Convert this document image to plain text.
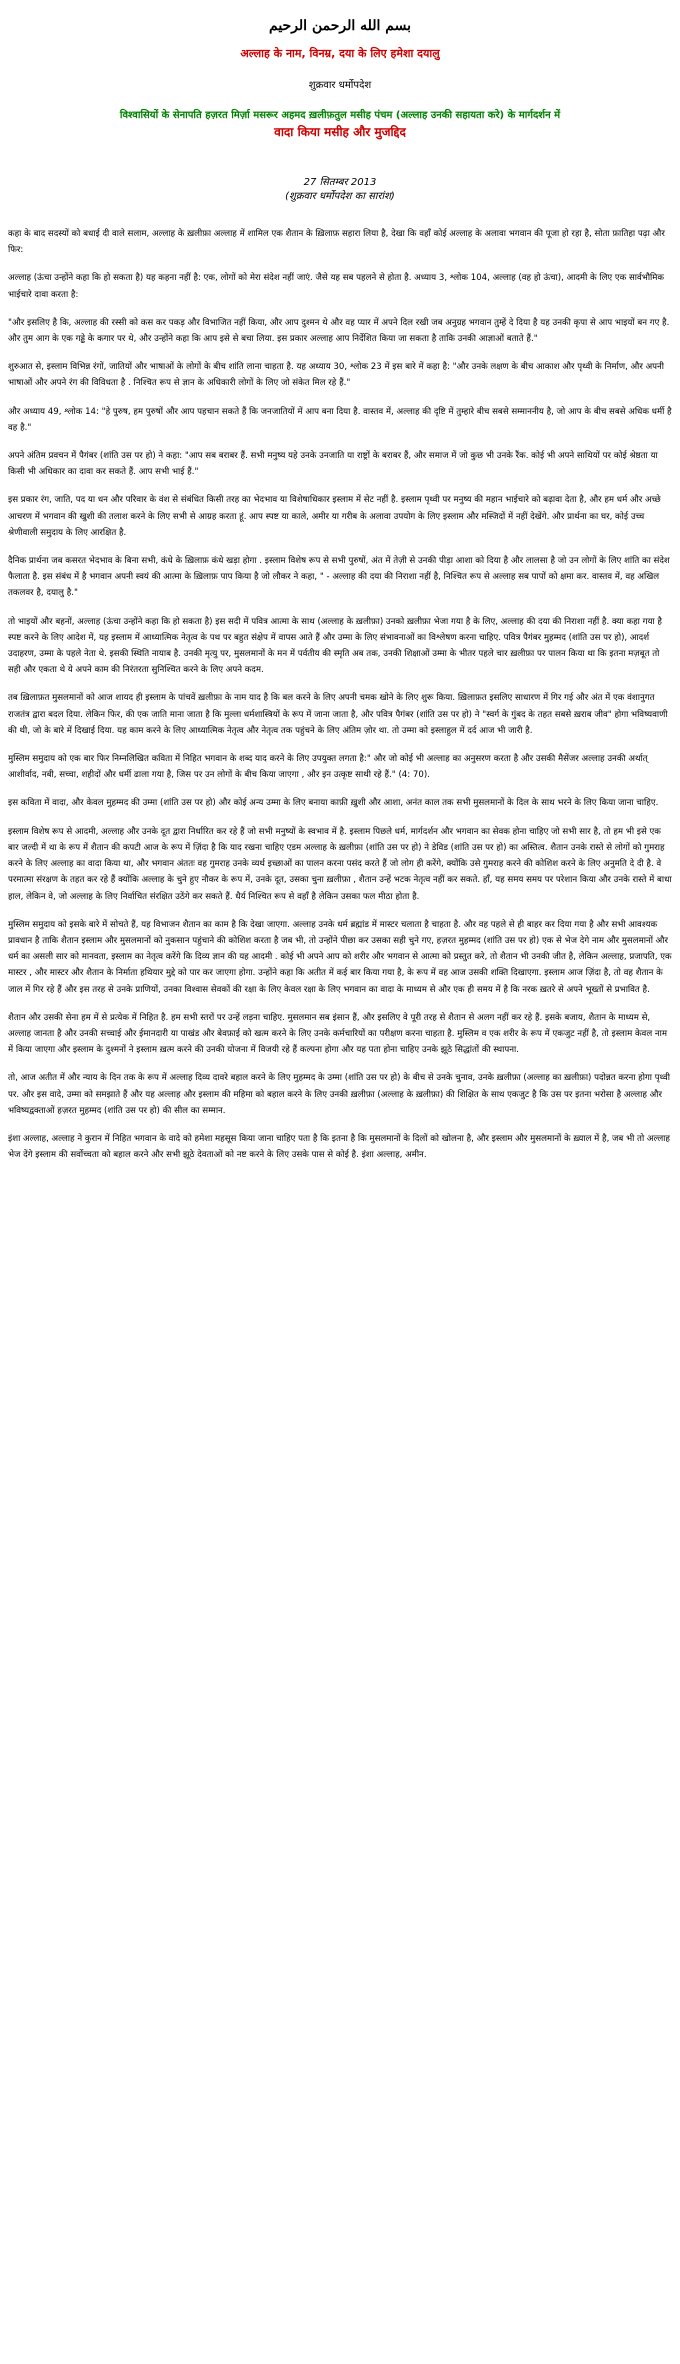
بسم الله الرحمن الرحيم
अल्लाह के नाम, विनम्र, दया के लिए हमेशा दयालु
शुक्रवार धर्मोपदेश
विश्वासियों के सेनापति हज़रत मिर्ज़ा मसरूर अहमद ख़लीफ़तुल मसीह पंचम (अल्लाह उनकी सहायता करे) के मार्गदर्शन में
वादा किया मसीह और मुजद्दिद
27 सितम्बर 2013
(शुक्रवार धर्मोपदेश का सारांश)

कहा के बाद सदस्यों को बधाई दी वाले सलाम, अल्लाह के ख़लीफ़ा अल्लाह में शामिल एक शैतान के ख़िलाफ़ सहारा लिया है, देखा कि वहाँ कोई अल्लाह के अलावा भगवान की पूजा हो रहा है, सोता फ़ातिहा पढ़ा और फिर:

अल्लाह (ऊंचा उन्होंने कहा कि हो सकता है) यह कहना नहीं है: एक, लोगों को मेरा संदेश नहीं जाएं. जैसे यह सब पहलने से होता है. अध्याय 3, श्लोक 104, अल्लाह (वह हो ऊंचा), आदमी के लिए एक सार्वभौमिक भाईचारे दावा करता है:

"और इसलिए है कि, अल्लाह की रस्सी को कस कर पकड़ और विभाजित नहीं किया, और आप दुश्मन थे और वह प्यार में अपने दिल रखी जब अनुग्रह भगवान तुम्हें दे दिया है यह उनकी कृपा से आप भाइयों बन गए है. और तुम आग के एक गड्ढे के कगार पर थे, और उन्होंने कहा कि आप इसे से बचा लिया. इस प्रकार अल्लाह आप निर्देशित किया जा सकता है ताकि उनकी आज्ञाओं बताते हैं."

शुरुआत से, इस्लाम विभिन्न रंगों, जातियों और भाषाओं के लोगों के बीच शांति लाना चाहता है. यह अध्याय 30, श्लोक 23 में इस बारे में कहा है: "और उनके लक्षण के बीच आकाश और पृथ्वी के निर्माण, और अपनी भाषाओं और अपने रंग की विविधता है . निश्चित रूप से ज्ञान के अधिकारी लोगों के लिए जो संकेत मिल रहे हैं."

और अध्याय 49, श्लोक 14: "हे पुरुष, हम पुरुषों और आप पहचान सकते हैं कि जनजातियों में आप बना दिया है. वास्तव में, अल्लाह की दृष्टि में तुम्हारे बीच सबसे सम्माननीय है, जो आप के बीच सबसे अधिक धर्मी है वह है."

अपने अंतिम प्रवचन में पैगंबर (शांति उस पर हो) ने कहा: "आप सब बराबर हैं. सभी मनुष्य यहे उनके उनजाति या राष्ट्रों के बराबर हैं, और समाज में जो कुछ भी उनके रैंक. कोई भी अपने साथियों पर कोई श्रेष्ठता या किसी भी अधिकार का दावा कर सकते हैं. आप सभी भाई हैं."

इस प्रकार रंग, जाति, पद या धन और परिवार के वंश से संबंधित किसी तरह का भेदभाव या विशेषाधिकार इस्लाम में सेट नहीं है. इस्लाम पृथ्वी पर मनुष्य की महान भाईचारे को बढ़ावा देता है, और हम धर्म और अच्छे आचरण में भगवान की खुशी की तलाश करने के लिए सभी से आग्रह करता हूं. आप स्पष्ट या काले, अमीर या गरीब के अलावा उपयोग के लिए इस्लाम और मस्जिदों में नहीं देखेंगे. और प्रार्थना का घर, कोई उच्च श्रेणीवाली समुदाय के लिए आरक्षित है.

दैनिक प्रार्थना जब कसरत भेदभाव के बिना सभी, कंधे के ख़िलाफ़ कंधे खड़ा होगा . इस्लाम विशेष रूप से सभी पुरुषों, अंत में तेज़ी से उनकी पीड़ा आशा को दिया है और लालसा है जो उन लोगों के लिए शांति का संदेश फैलाता है. इस संबंध में है भगवान अपनी स्वयं की आत्मा के ख़िलाफ़ पाप किया है जो लौकर ने कहा, " - अल्लाह की दया की निराशा नहीं है, निश्चित रूप से अल्लाह सब पापों को क्षमा कर. वास्तव में, वह अखिल तकलवर है, दयालु है."

तो भाइयों और बहनों, अल्लाह (ऊंचा उन्होंने कहा कि हो सकता है) इस सदी में पवित्र आत्मा के साथ (अल्लाह के ख़लीफ़ा) उनको ख़लीफ़ा भेजा गया है के लिए, अल्लाह की दया की निराशा नहीं है. क्या कहा गया है स्पष्ट करने के लिए आदेश में, यह इस्लाम में आध्यात्मिक नेतृत्व के पथ पर बहुत संक्षेप में वापस आते हैं और उम्मा के लिए संभावनाओं का विश्लेषण करना चाहिए. पवित्र पैगंबर मुहम्मद (शांति उस पर हो), आदर्श उदाहरण, उम्मा के पहले नेता थे. इसकी स्थिति नायाब है. उनकी मृत्यु पर, मुसलमानों के मन में पर्वतीय की स्मृति अब तक, उनकी शिक्षाओं उम्मा के भीतर पहले चार ख़लीफ़ा पर पालन किया था कि इतना मज़बूत तो सही और एकता थे ये अपने काम की निरंतरता सुनिश्चित करने के लिए अपने कदम.

तब ख़िलाफ़त मुसलमानों को आज शायद ही इस्लाम के पांचवें ख़लीफ़ा के नाम याद है कि बल करने के लिए अपनी चमक खोने के लिए शुरू किया. ख़िलाफ़त इसलिए साधारण में गिर गई और अंत में एक वंशानुगत राजतंत्र द्वारा बदल दिया. लेकिन फिर, की एक जाति माना जाता है कि मुल्ला धर्मशास्त्रियों के रूप में जाना जाता है, और पवित्र पैगंबर (शांति उस पर हो) ने "स्वर्ग के गुंबद के तहत सबसे ख़राब जीव" होगा भविष्यवाणी की थी, जो के बारे में दिखाई दिया. यह काम करने के लिए आध्यात्मिक नेतृत्व और नेतृत्व तक पहुंचने के लिए अंतिम ज़ोर था. तो उम्मा को इस्लाहुल में दर्द आज भी जारी है.

मुस्लिम समुदाय को एक बार फिर निम्नलिखित कविता में निहित भगवान के शब्द याद करने के लिए उपयुक्त लगता है:" और जो कोई भी अल्लाह का अनुसरण करता है और उसकी मैसेंजर अल्लाह उनकी अर्थात् आशीर्वाद, नबी, सच्चा, शहीदों और धर्मी ढाला गया है, जिस पर उन लोगों के बीच किया जाएगा , और इन उत्कृष्ट साथी रहे हैं." (4: 70).

इस कविता में वादा, और केवल मुहम्मद की उम्मा (शांति उस पर हो) और कोई अन्य उम्मा के लिए बनाया काफ़ी ख़ुशी और आशा, अनंत काल तक सभी मुसलमानों के दिल के साथ भरने के लिए किया जाना चाहिए.

इस्लाम विशेष रूप से आदमी, अल्लाह और उनके दूत द्वारा निर्धारित कर रहे हैं जो सभी मनुष्यों के स्वभाव में है. इस्लाम पिछले धर्म, मार्गदर्शन और भगवान का सेवक होना चाहिए जो सभी सार है, तो हम भी इसे एक बार जल्दी में था के रूप में शैतान की कपटी आज के रूप में ज़िंदा है कि याद रखना चाहिए एडम अल्लाह के ख़लीफ़ा (शांति उस पर हो) ने डेविड (शांति उस पर हो) का अस्तित्व. शैतान उनके रास्ते से लोगों को गुमराह करने के लिए अल्लाह का वादा किया था, और भगवान अंततः वह गुमराह उनके व्यर्थ इच्छाओं का पालन करना पसंद करते हैं जो लोग ही करेंगे, क्योंकि उसे गुमराह करने की कोशिश करने के लिए अनुमति दे दी है. वे परमात्मा संरक्षण के तहत कर रहे हैं क्योंकि अल्लाह के चुने हुए नौकर के रूप में, उनके दूत, उसका चुना ख़लीफ़ा , शैतान उन्हें भटक नेतृत्व नहीं कर सकते. हाँ, यह समय समय पर परेशान किया और उनके रास्ते में बाधा हाल, लेकिन वे, जो अल्लाह के लिए निर्वाचित संरक्षित उठेंगे कर सकते हैं. धैर्य निश्चित रूप से वहाँ है लेकिन उसका फल मीठा होता है.

मुस्लिम समुदाय को इसके बारे में सोचते हैं, यह विभाजन शैतान का काम है कि देखा जाएगा. अल्लाह उनके धर्म ब्रह्मांड में मास्टर चलाता है चाहता है. और वह पहले से ही बाहर कर दिया गया है और सभी आवश्यक प्रावधान है ताकि शैतान इस्लाम और मुसलमानों को नुकसान पहुंचाने की कोशिश करता है जब भी, तो उन्होंने पीछा कर उसका सही चुने गए, हज़रत मुहम्मद (शांति उस पर हो) एक से भेज देगे नाम और मुसलमानों और धर्म का असली सार को मानवता, इस्लाम का नेतृत्व करेंगे कि दिव्य ज्ञान की यह आदमी . कोई भी अपने आप को शरीर और भगवान से आत्मा को प्रस्तुत करे, तो शैतान भी उनकी जीत है, लेकिन अल्लाह, प्रजापति, एक मास्टर , और मास्टर और शैतान के निर्माता हथियार मुद्दे को पार कर जाएगा होगा. उन्होंने कहा कि अतीत में कई बार किया गया है, के रूप में वह आज उसकी शक्ति दिखाएगा. इस्लाम आज ज़िंदा है, तो वह शैतान के जाल में गिर रहे हैं और इस तरह से उनके प्राणियों, उनका विश्वास सेवकों की रक्षा के लिए केवल रक्षा के लिए भगवान का वादा के माध्यम से और एक ही समय में है कि नरक ख़तरे से अपने भूख्तों से प्रभावित है.

शैतान और उसकी सेना हम में से प्रत्येक में निहित है. हम सभी स्तरों पर उन्हें लड़ना चाहिए. मुसलमान सब इंसान हैं, और इसलिए वे पूरी तरह से शैतान से अलग नहीं कर रहे हैं. इसके बजाय, शैतान के माध्यम से, अल्लाह जानता है और उनकी सच्चाई और ईमानदारी या पाखंड और बेवफ़ाई को खत्म करने के लिए उनके कर्मचारियों का परीक्षण करना चाहता है. मुस्लिम व एक शरीर के रूप में एकजुट नहीं है, तो इस्लाम केवल नाम में किया जाएगा और इस्लाम के दुश्मनों ने इस्लाम ख़त्म करने की उनकी योजना में विजयी रहे हैं कल्पना होगा और यह पता होना चाहिए उनके झूठे सिद्धांतों की स्थापना.

तो, आज अतीत में और न्याय के दिन तक के रूप में अल्लाह दिव्य दावरे बहाल करने के लिए मुहम्मद के उम्मा (शांति उस पर हो) के बीच से उनके चुनाव, उनके ख़लीफ़ा (अल्लाह का ख़लीफ़ा) पदोन्नत करना होगा पृथ्वी पर. और इस वादे, उम्मा को समझाते हैं और यह अल्लाह और इस्लाम की महिमा को बहाल करने के लिए उनकी ख़लीफ़ा (अल्लाह के ख़लीफ़ा) की शिक्षित के साथ एकजुट है कि उस पर इतना भरोसा है अल्लाह और भविष्यद्वक्ताओं हज़रत मुहम्मद (शांति उस पर हो) की सील का सम्मान.

इंशा अल्लाह, अल्लाह ने कुरान में निहित भगवान के वादे को हमेशा महसूस किया जाना चाहिए पता है कि इतना है कि मुसलमानों के दिलों को खोलना है, और इस्लाम और मुसलमानों के ख़्याल में है, जब भी तो अल्लाह भेज देंगे इस्लाम की सर्वोच्चता को बहाल करने और सभी झूठे देवताओं को नष्ट करने के लिए उसके पास से कोई है. इंशा अल्लाह, अमीन.
